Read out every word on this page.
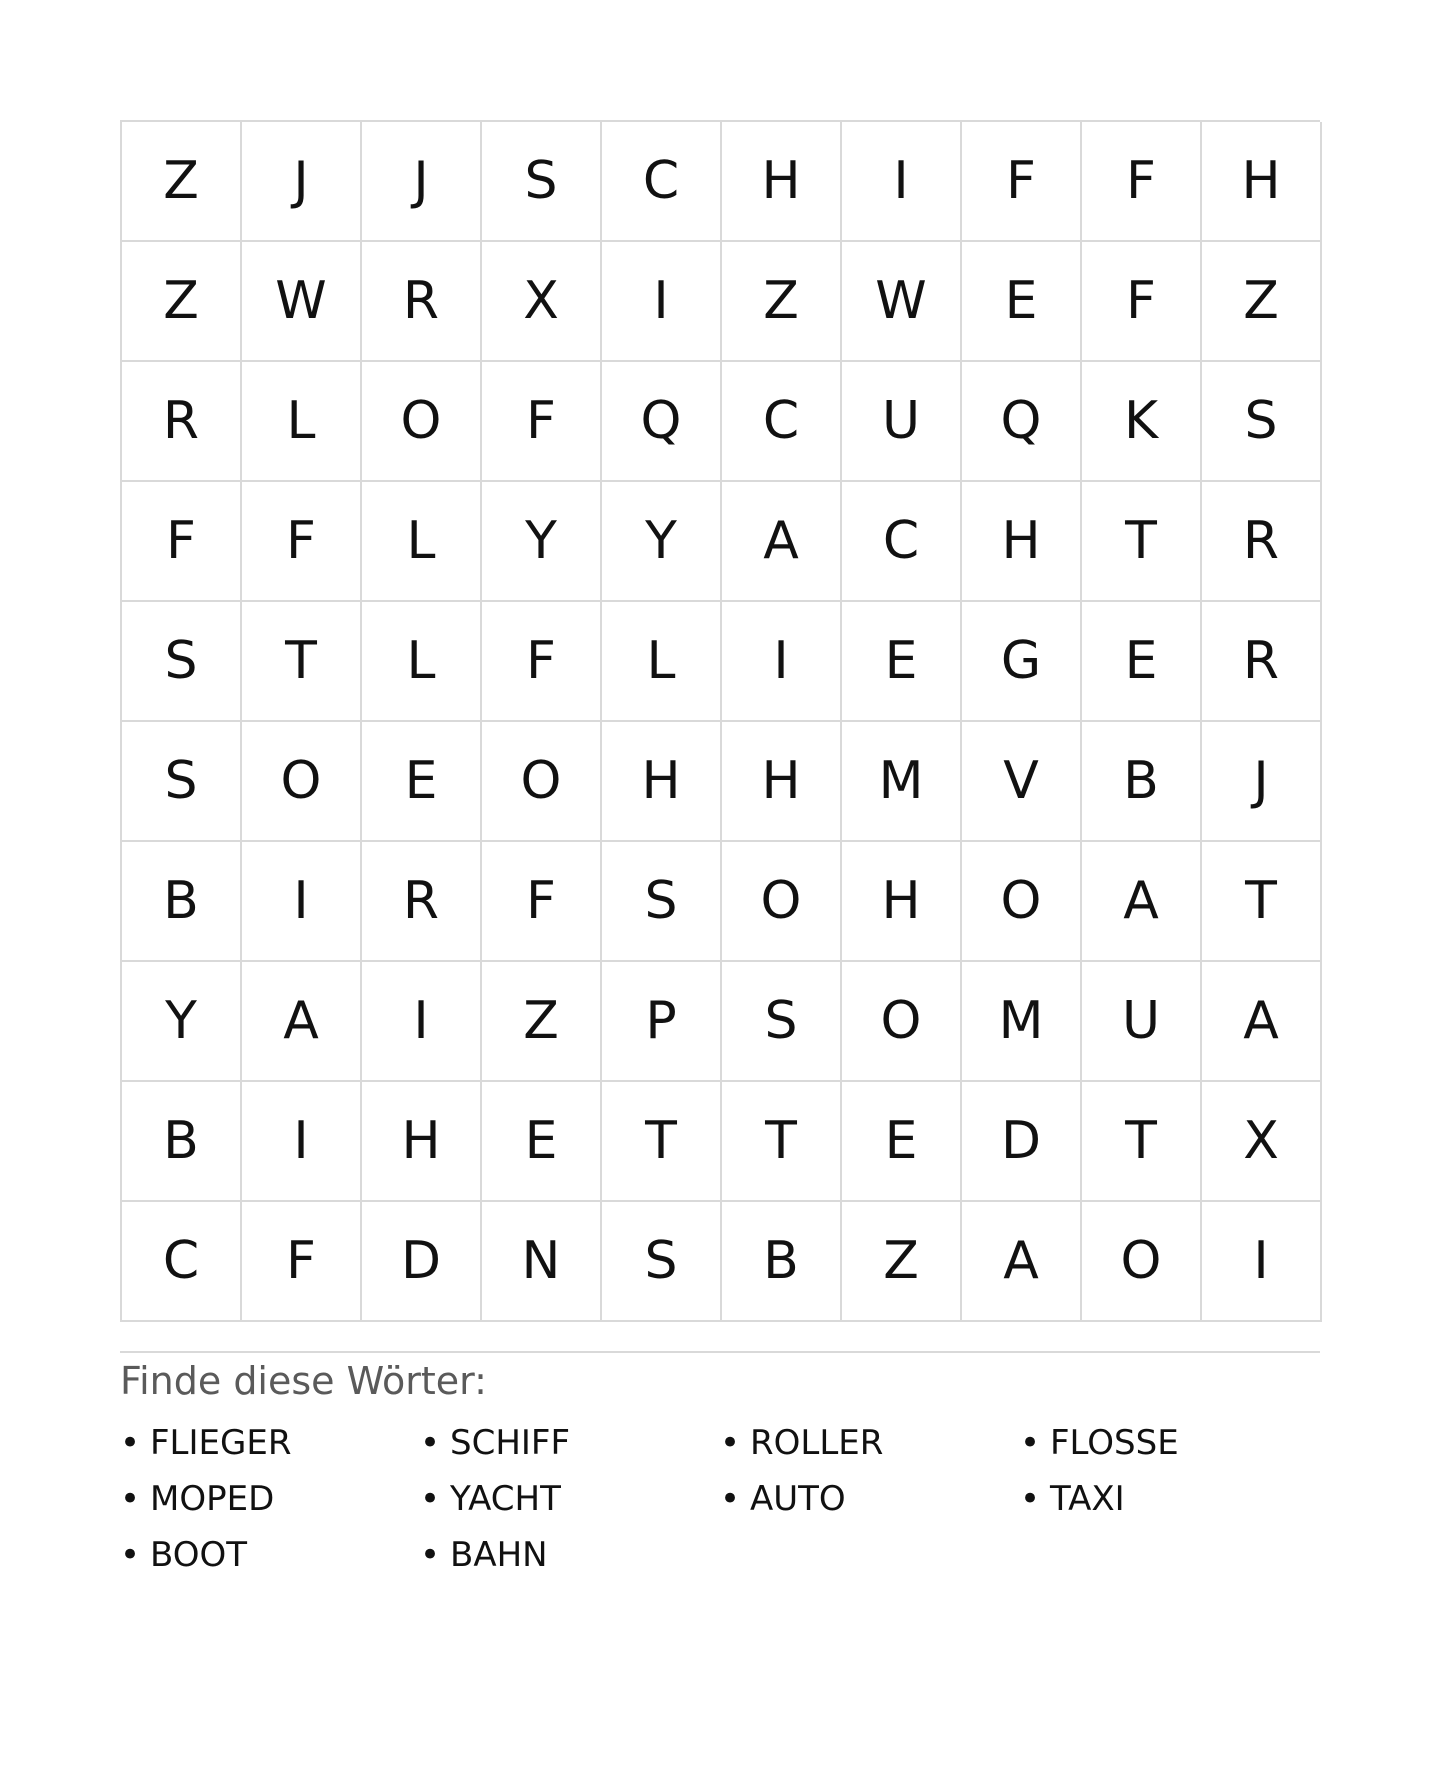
Z	J	J	S	C	H	I	F	F	H
Z	W	R	X	I	Z	W	E	F	Z
R	L	O	F	Q	C	U	Q	K	S
F	F	L	Y	Y	A	C	H	T	R
S	T	L	F	L	I	E	G	E	R
S	O	E	O	H	H	M	V	B	J
B	I	R	F	S	O	H	O	A	T
Y	A	I	Z	P	S	O	M	U	A
B	I	H	E	T	T	E	D	T	X
C	F	D	N	S	B	Z	A	O	I
Finde diese Wörter:
• FLIEGER	• SCHIFF	• ROLLER	• FLOSSE
• MOPED	• YACHT	• AUTO	• TAXI
• BOOT	• BAHN
